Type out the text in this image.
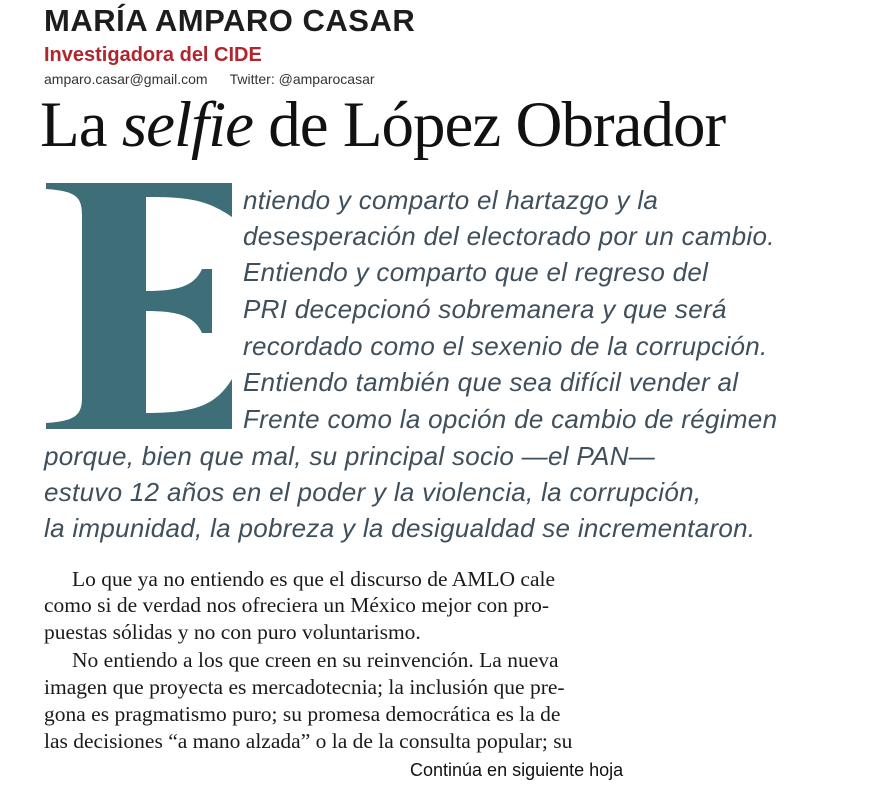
MARÍA AMPARO CASAR
Investigadora del CIDE
amparo.casar@gmail.com Twitter: @amparocasar
La selfie de López Obrador
ntiendo y comparto el hartazgo y la
desesperación del electorado por un cambio.
Entiendo y comparto que el regreso del
PRI decepcionó sobremanera y que será
recordado como el sexenio de la corrupción.
Entiendo también que sea difícil vender al
Frente como la opción de cambio de régimen
porque, bien que mal, su principal socio —el PAN—
estuvo 12 años en el poder y la violencia, la corrupción,
la impunidad, la pobreza y la desigualdad se incrementaron.
Lo que ya no entiendo es que el discurso de AMLO cale
como si de verdad nos ofreciera un México mejor con pro-
puestas sólidas y no con puro voluntarismo.
No entiendo a los que creen en su reinvención. La nueva
imagen que proyecta es mercadotecnia; la inclusión que pre-
gona es pragmatismo puro; su promesa democrática es la de
las decisiones “a mano alzada” o la de la consulta popular; su
Continúa en siguiente hoja
